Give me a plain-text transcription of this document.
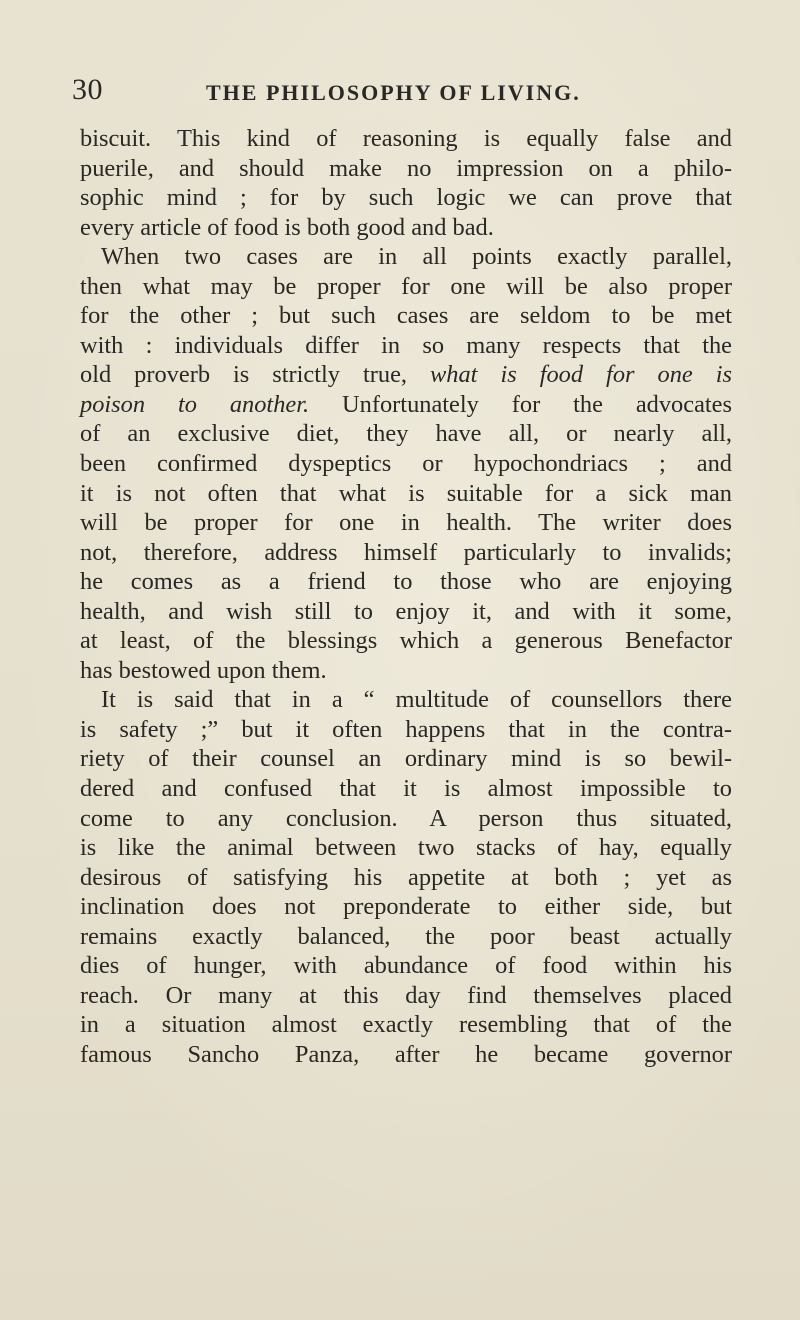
30	THE PHILOSOPHY OF LIVING.
biscuit. This kind of reasoning is equally false and
puerile, and should make no impression on a philo-
sophic mind ; for by such logic we can prove that
every article of food is both good and bad.
When two cases are in all points exactly parallel,
then what may be proper for one will be also proper
for the other ; but such cases are seldom to be met
with : individuals differ in so many respects that the
old proverb is strictly true, what is food for one is
poison to another. Unfortunately for the advocates
of an exclusive diet, they have all, or nearly all,
been confirmed dyspeptics or hypochondriacs ; and
it is not often that what is suitable for a sick man
will be proper for one in health. The writer does
not, therefore, address himself particularly to invalids;
he comes as a friend to those who are enjoying
health, and wish still to enjoy it, and with it some,
at least, of the blessings which a generous Benefactor
has bestowed upon them.
It is said that in a “ multitude of counsellors there
is safety ;” but it often happens that in the contra-
riety of their counsel an ordinary mind is so bewil-
dered and confused that it is almost impossible to
come to any conclusion. A person thus situated,
is like the animal between two stacks of hay, equally
desirous of satisfying his appetite at both ; yet as
inclination does not preponderate to either side, but
remains exactly balanced, the poor beast actually
dies of hunger, with abundance of food within his
reach. Or many at this day find themselves placed
in a situation almost exactly resembling that of the
famous Sancho Panza, after he became governor
